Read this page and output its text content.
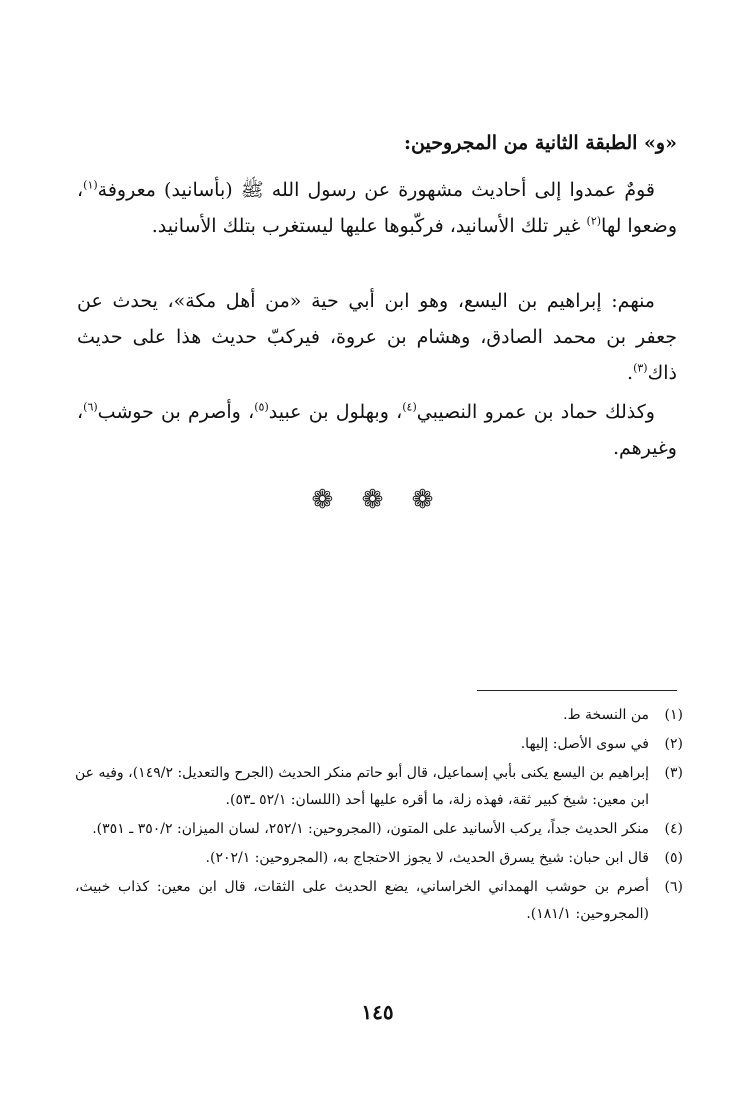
«و» الطبقة الثانية من المجروحين:

قومٌ عمدوا إلى أحاديث مشهورة عن رسول الله ﷺ (بأسانيد) معروفة$^{(١)}$، وضعوا لها$^{(٢)}$ غير تلك الأسانيد، فركّبوها عليها ليستغرب بتلك الأسانيد.

منهم: إبراهيم بن اليسع، وهو ابن أبي حية «من أهل مكة»، يحدث عن جعفر بن محمد الصادق، وهشام بن عروة، فيركبّ حديث هذا على حديث ذاك$^{(٣)}$.

وكذلك حماد بن عمرو النصيبي$^{(٤)}$، وبهلول بن عبيد$^{(٥)}$، وأصرم بن حوشب$^{(٦)}$، وغيرهم.

❁ ❁ ❁
(١)
من النسخة ط.
(٢)
في سوى الأصل: إليها.
(٣)
إبراهيم بن اليسع يكنى بأبي إسماعيل، قال أبو حاتم منكر الحديث (الجرح والتعديل: ١٤٩/٢)، وفيه عن ابن معين: شيخ كبير ثقة، فهذه زلة، ما أقره عليها أحد (اللسان: ٥٢/١ ـ٥٣).
(٤)
منكر الحديث جداً، يركب الأسانيد على المتون، (المجروحين: ٢٥٢/١، لسان الميزان: ٣٥٠/٢ ـ ٣٥١).
(٥)
قال ابن حبان: شيخ يسرق الحديث، لا يجوز الاحتجاج به، (المجروحين: ٢٠٢/١).
(٦)
أصرم بن حوشب الهمداني الخراساني، يضع الحديث على الثقات، قال ابن معين: كذاب خبيث، (المجروحين: ١٨١/١).
١٤٥
